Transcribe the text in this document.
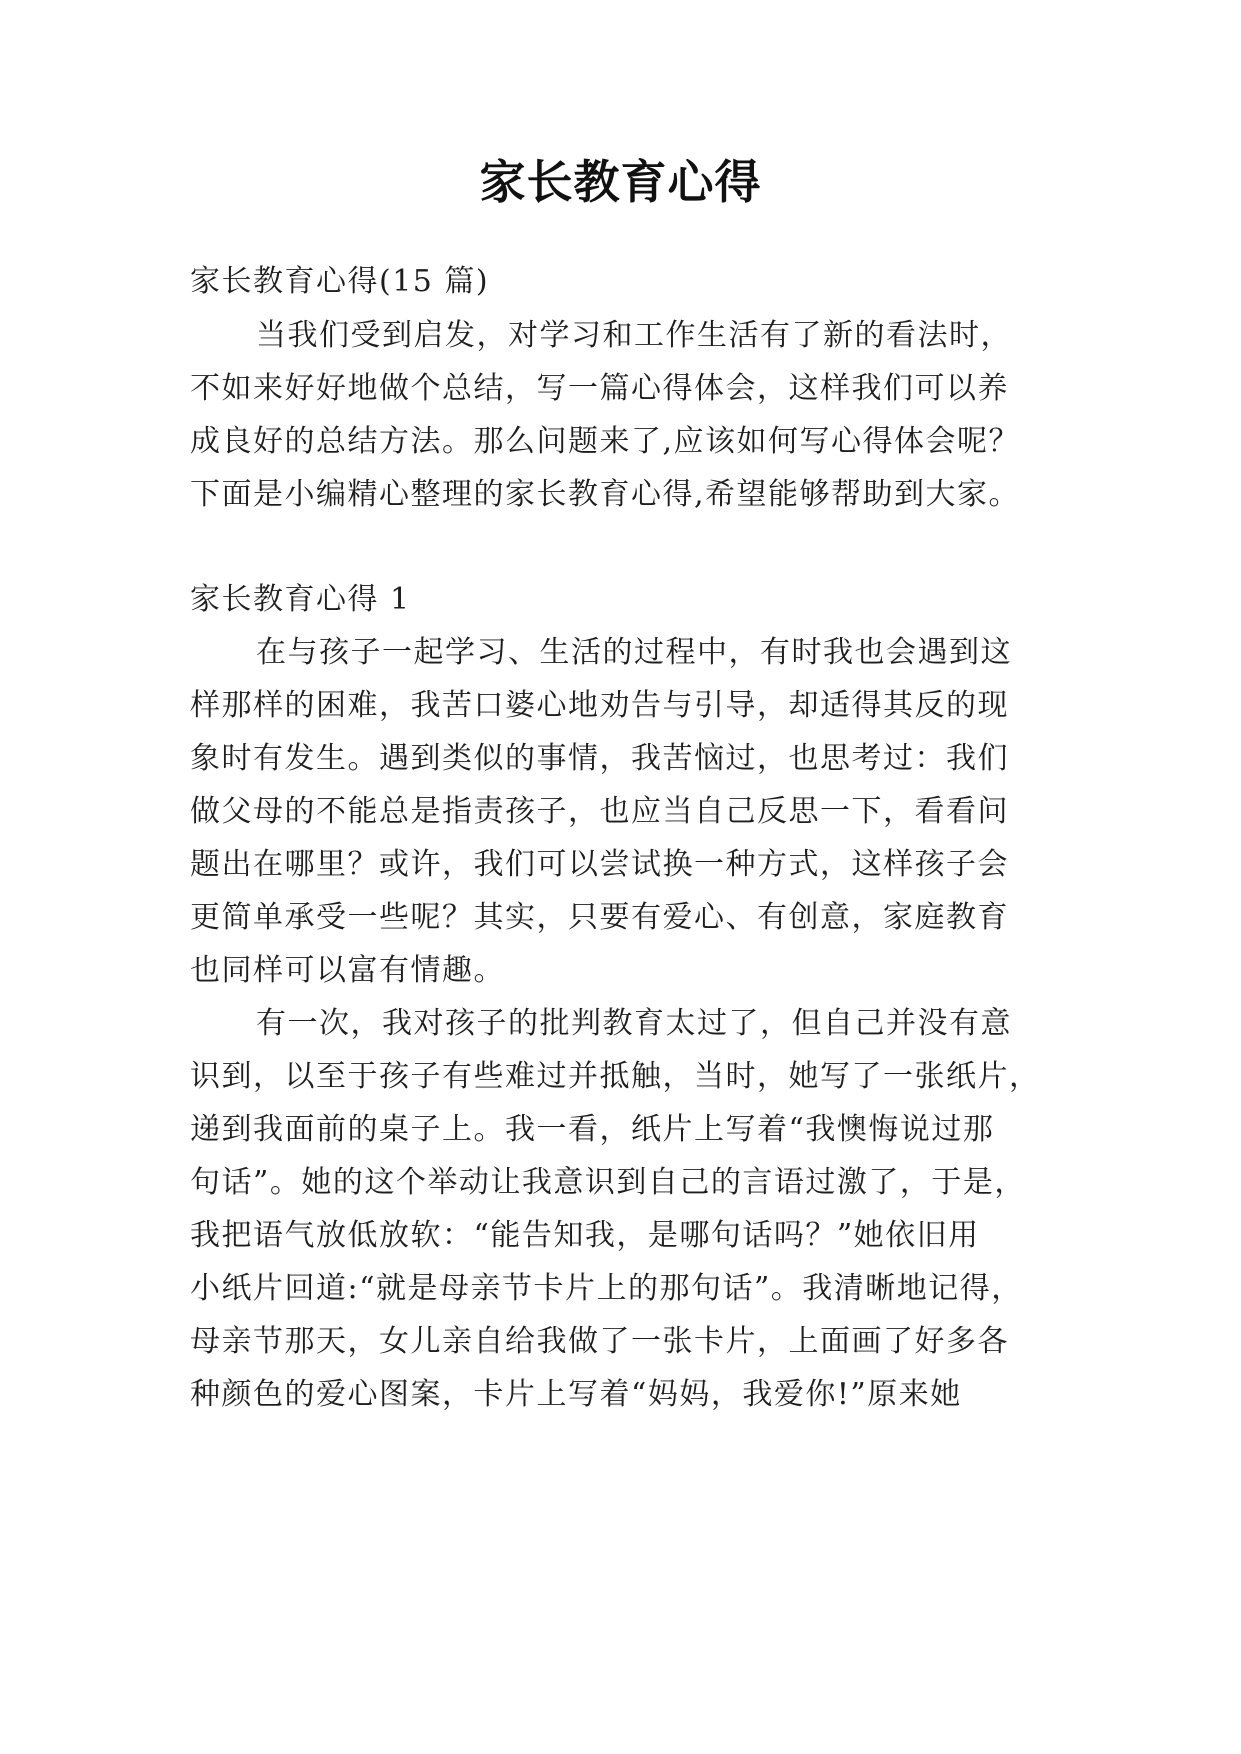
家长教育心得
家长教育心得(15 篇)
当我们受到启发，对学习和工作生活有了新的看法时，
不如来好好地做个总结，写一篇心得体会，这样我们可以养
成良好的总结方法。那么问题来了,应该如何写心得体会呢？
下面是小编精心整理的家长教育心得,希望能够帮助到大家。
家长教育心得 1
在与孩子一起学习、生活的过程中，有时我也会遇到这
样那样的困难，我苦口婆心地劝告与引导，却适得其反的现
象时有发生。遇到类似的事情，我苦恼过，也思考过：我们
做父母的不能总是指责孩子，也应当自己反思一下，看看问
题出在哪里？或许，我们可以尝试换一种方式，这样孩子会
更简单承受一些呢？其实，只要有爱心、有创意，家庭教育
也同样可以富有情趣。
有一次，我对孩子的批判教育太过了，但自己并没有意
识到，以至于孩子有些难过并抵触，当时，她写了一张纸片，
递到我面前的桌子上。我一看，纸片上写着“我懊悔说过那
句话”。她的这个举动让我意识到自己的言语过激了，于是，
我把语气放低放软：“能告知我，是哪句话吗？”她依旧用
小纸片回道:“就是母亲节卡片上的那句话”。我清晰地记得，
母亲节那天，女儿亲自给我做了一张卡片，上面画了好多各
种颜色的爱心图案，卡片上写着“妈妈，我爱你!”原来她
